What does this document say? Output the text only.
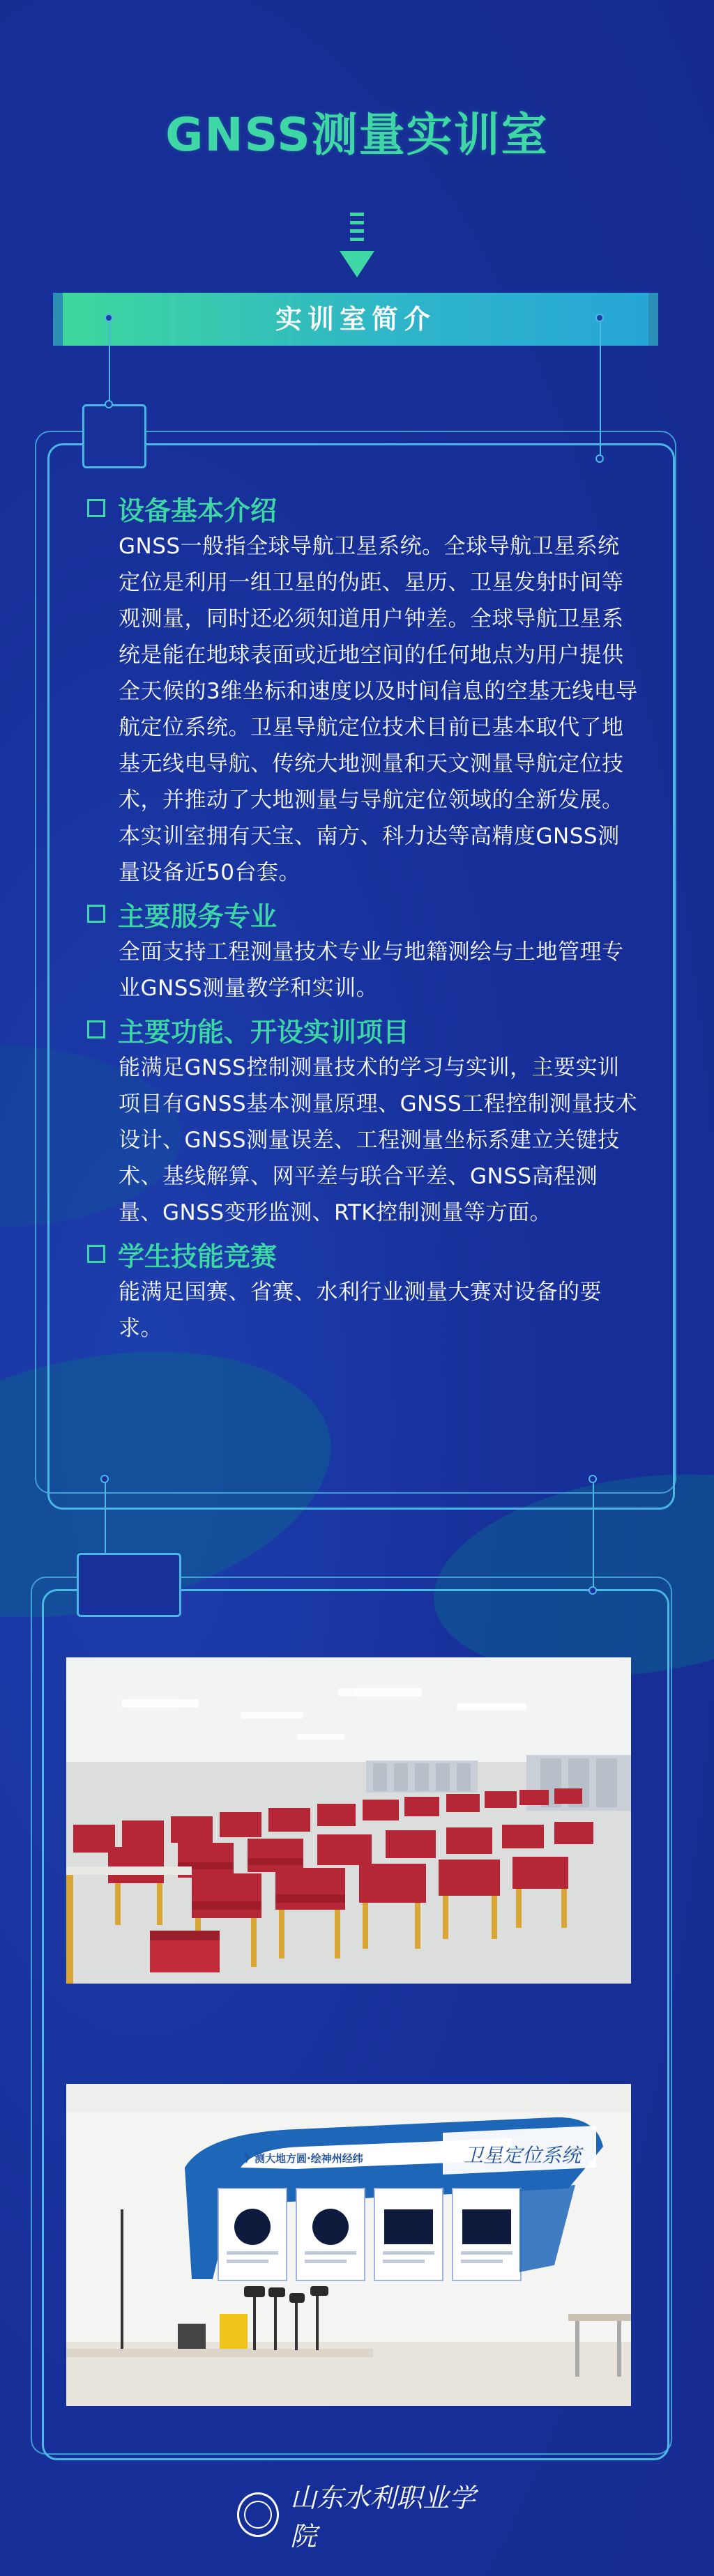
GNSS测量实训室
实训室简介
设备基本介绍

GNSS一般指全球导航卫星系统。全球导航卫星系统定位是利用一组卫星的伪距、星历、卫星发射时间等观测量，同时还必须知道用户钟差。全球导航卫星系统是能在地球表面或近地空间的任何地点为用户提供全天候的3维坐标和速度以及时间信息的空基无线电导航定位系统。卫星导航定位技术目前已基本取代了地基无线电导航、传统大地测量和天文测量导航定位技术，并推动了大地测量与导航定位领域的全新发展。

本实训室拥有天宝、南方、科力达等高精度GNSS测量设备近50台套。

主要服务专业

全面支持工程测量技术专业与地籍测绘与土地管理专业GNSS测量教学和实训。

主要功能、开设实训项目

能满足GNSS控制测量技术的学习与实训，主要实训项目有GNSS基本测量原理、GNSS工程控制测量技术设计、GNSS测量误差、工程测量坐标系建立关键技术、基线解算、网平差与联合平差、GNSS高程测量、GNSS变形监测、RTK控制测量等方面。

学生技能竞赛

能满足国赛、省赛、水利行业测量大赛对设备的要求。

卫星定位系统
》测大地方圆·绘神州经纬
山东水利职业学院
